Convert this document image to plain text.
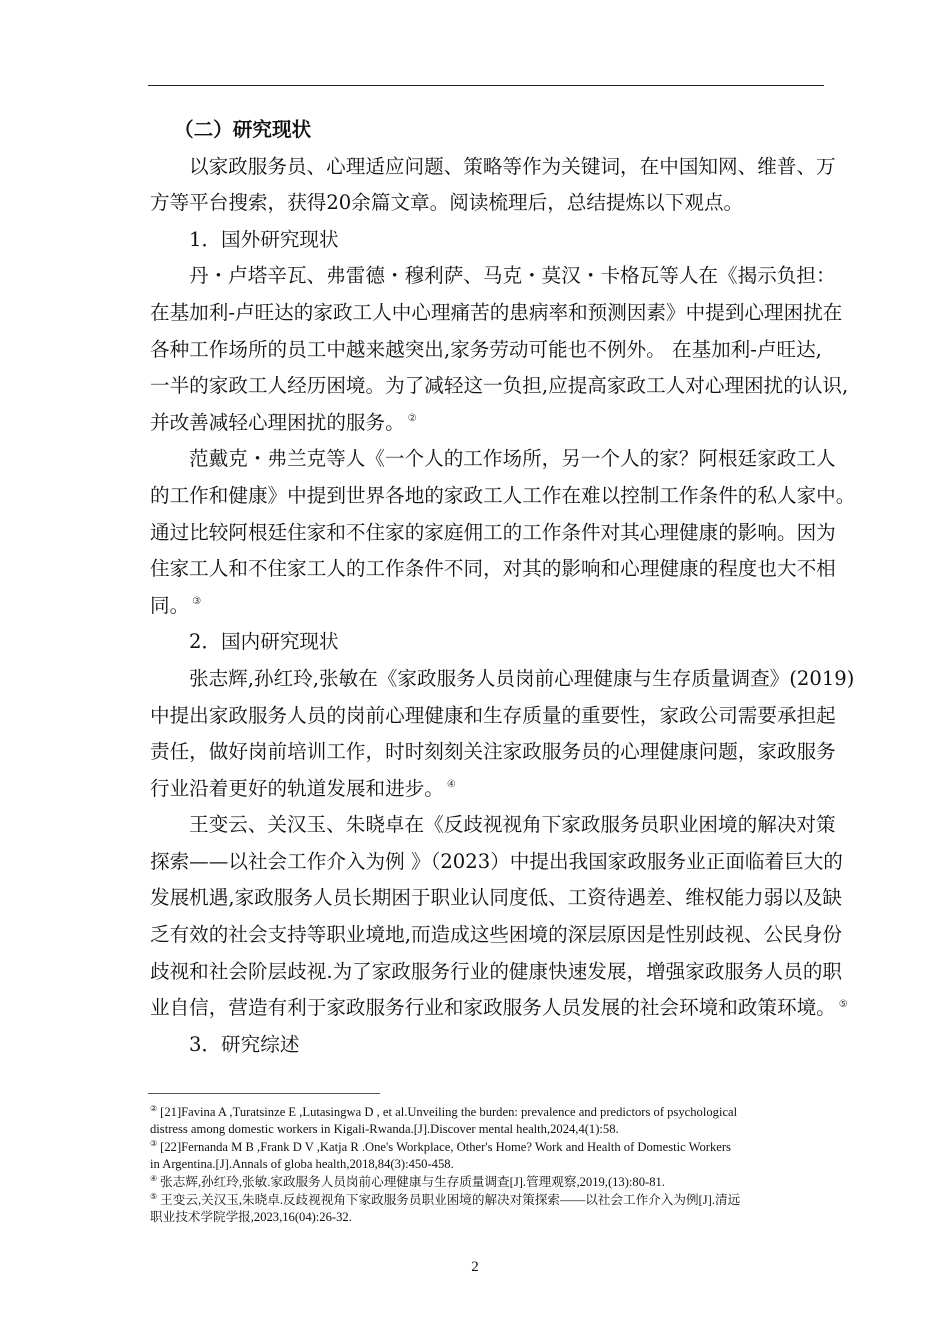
（二）研究现状
以家政服务员、心理适应问题、策略等作为关键词，在中国知网、维普、万
方等平台搜索，获得20余篇文章。阅读梳理后，总结提炼以下观点。
1．国外研究现状
丹・卢塔辛瓦、弗雷德・穆利萨、马克・莫汉・卡格瓦等人在《揭示负担：
在基加利-卢旺达的家政工人中心理痛苦的患病率和预测因素》中提到心理困扰在
各种工作场所的员工中越来越突出,家务劳动可能也不例外。 在基加利-卢旺达,
一半的家政工人经历困境。为了减轻这一负担,应提高家政工人对心理困扰的认识,
并改善减轻心理困扰的服务。 ②
范戴克・弗兰克等人《一个人的工作场所，另一个人的家？阿根廷家政工人
的工作和健康》中提到世界各地的家政工人工作在难以控制工作条件的私人家中。
通过比较阿根廷住家和不住家的家庭佣工的工作条件对其心理健康的影响。因为
住家工人和不住家工人的工作条件不同，对其的影响和心理健康的程度也大不相
同。 ③
2．国内研究现状
张志辉,孙红玲,张敏在《家政服务人员岗前心理健康与生存质量调查》(2019)
中提出家政服务人员的岗前心理健康和生存质量的重要性，家政公司需要承担起
责任，做好岗前培训工作，时时刻刻关注家政服务员的心理健康问题，家政服务
行业沿着更好的轨道发展和进步。 ④
王变云、关汉玉、朱晓卓在《反歧视视角下家政服务员职业困境的解决对策
探索——以社会工作介入为例 》（2023）中提出我国家政服务业正面临着巨大的
发展机遇,家政服务人员长期困于职业认同度低、工资待遇差、维权能力弱以及缺
乏有效的社会支持等职业境地,而造成这些困境的深层原因是性别歧视、公民身份
歧视和社会阶层歧视.为了家政服务行业的健康快速发展，增强家政服务人员的职
业自信，营造有利于家政服务行业和家政服务人员发展的社会环境和政策环境。 ⑤
3．研究综述
② [21]Favina A ,Turatsinze E ,Lutasingwa D , et al.Unveiling the burden: prevalence and predictors of psychological
distress among domestic workers in Kigali-Rwanda.[J].Discover mental health,2024,4(1):58.
③ [22]Fernanda M B ,Frank D V ,Katja R .One's Workplace, Other's Home? Work and Health of Domestic Workers
in Argentina.[J].Annals of globa health,2018,84(3):450-458.
④ 张志辉,孙红玲,张敏.家政服务人员岗前心理健康与生存质量调查[J].管理观察,2019,(13):80-81.
⑤ 王变云,关汉玉,朱晓卓.反歧视视角下家政服务员职业困境的解决对策探索——以社会工作介入为例[J].清远
职业技术学院学报,2023,16(04):26-32.
2
